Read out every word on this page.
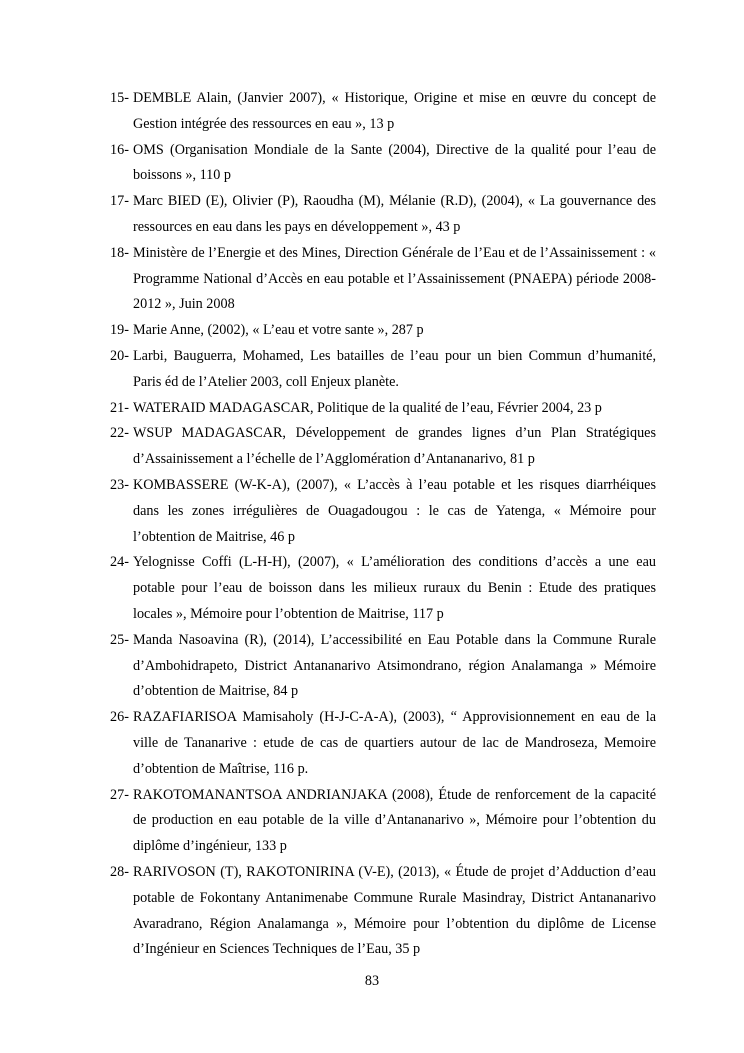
15- DEMBLE Alain, (Janvier 2007), « Historique, Origine et mise en œuvre du concept de Gestion intégrée des ressources en eau », 13 p
16- OMS (Organisation Mondiale de la Sante (2004), Directive de la qualité pour l’eau de boissons », 110 p
17- Marc BIED (E), Olivier (P), Raoudha (M), Mélanie (R.D), (2004), « La gouvernance des ressources en eau dans les pays en développement », 43 p
18- Ministère de l’Energie et des Mines, Direction Générale de l’Eau et de l’Assainissement : « Programme National d’Accès en eau potable et l’Assainissement (PNAEPA) période 2008-2012 », Juin 2008
19- Marie Anne, (2002), « L’eau et votre sante », 287 p
20- Larbi, Bauguerra, Mohamed, Les batailles de l’eau pour un bien Commun d’humanité, Paris éd de l’Atelier 2003, coll Enjeux planète.
21- WATERAID MADAGASCAR, Politique de la qualité de l’eau, Février 2004, 23 p
22- WSUP MADAGASCAR, Développement de grandes lignes d’un Plan Stratégiques d’Assainissement a l’échelle de l’Agglomération d’Antananarivo, 81 p
23- KOMBASSERE (W-K-A), (2007), « L’accès à l’eau potable et les risques diarrhéiques dans les zones irrégulières de Ouagadougou : le cas de Yatenga, « Mémoire pour l’obtention de Maitrise, 46 p
24- Yelognisse Coffi (L-H-H), (2007), « L’amélioration des conditions d’accès a une eau potable pour l’eau de boisson dans les milieux ruraux du Benin : Etude des pratiques locales », Mémoire pour l’obtention de Maitrise, 117 p
25- Manda Nasoavina (R), (2014), L’accessibilité en Eau Potable dans la Commune Rurale d’Ambohidrapeto, District Antananarivo Atsimondrano, région Analamanga » Mémoire d’obtention de Maitrise, 84 p
26- RAZAFIARISOA Mamisaholy (H-J-C-A-A), (2003), “ Approvisionnement en eau de la ville de Tananarive : etude de cas de quartiers autour de lac de Mandroseza, Memoire d’obtention de Maîtrise, 116 p.
27- RAKOTOMANANTSOA ANDRIANJAKA (2008), Étude de renforcement de la capacité de production en eau potable de la ville d’Antananarivo », Mémoire pour l’obtention du diplôme d’ingénieur, 133 p
28- RARIVOSON (T), RAKOTONIRINA (V-E), (2013), « Étude de projet d’Adduction d’eau potable de Fokontany Antanimenabe Commune Rurale Masindray, District Antananarivo Avaradrano, Région Analamanga », Mémoire pour l’obtention du diplôme de License d’Ingénieur en Sciences Techniques de l’Eau, 35 p
83
